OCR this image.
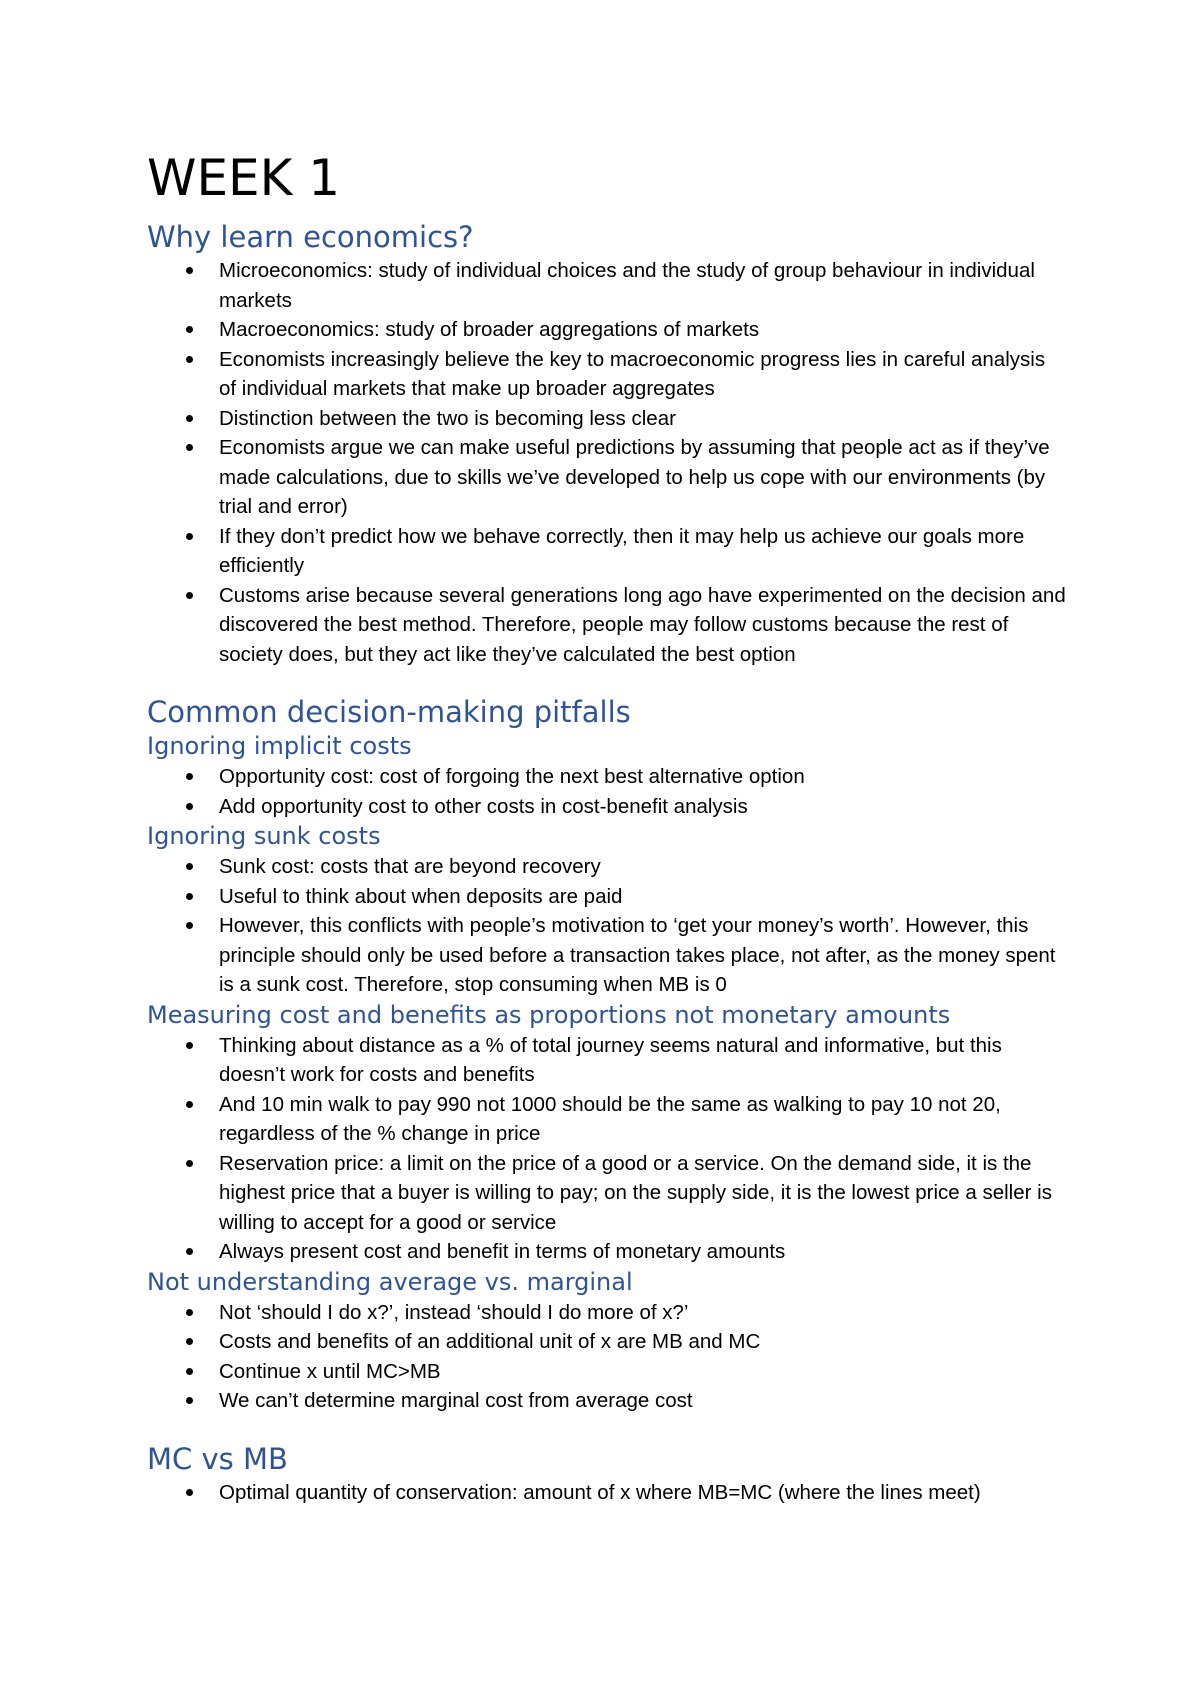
WEEK 1
Why learn economics?
Microeconomics: study of individual choices and the study of group behaviour in individual markets
Macroeconomics: study of broader aggregations of markets
Economists increasingly believe the key to macroeconomic progress lies in careful analysis of individual markets that make up broader aggregates
Distinction between the two is becoming less clear
Economists argue we can make useful predictions by assuming that people act as if they’ve made calculations, due to skills we’ve developed to help us cope with our environments (by trial and error)
If they don’t predict how we behave correctly, then it may help us achieve our goals more efficiently
Customs arise because several generations long ago have experimented on the decision and discovered the best method. Therefore, people may follow customs because the rest of society does, but they act like they’ve calculated the best option
Common decision-making pitfalls
Ignoring implicit costs
Opportunity cost: cost of forgoing the next best alternative option
Add opportunity cost to other costs in cost-benefit analysis
Ignoring sunk costs
Sunk cost: costs that are beyond recovery
Useful to think about when deposits are paid
However, this conflicts with people’s motivation to ‘get your money’s worth’. However, this principle should only be used before a transaction takes place, not after, as the money spent is a sunk cost. Therefore, stop consuming when MB is 0
Measuring cost and benefits as proportions not monetary amounts
Thinking about distance as a % of total journey seems natural and informative, but this doesn’t work for costs and benefits
And 10 min walk to pay 990 not 1000 should be the same as walking to pay 10 not 20, regardless of the % change in price
Reservation price: a limit on the price of a good or a service. On the demand side, it is the highest price that a buyer is willing to pay; on the supply side, it is the lowest price a seller is willing to accept for a good or service
Always present cost and benefit in terms of monetary amounts
Not understanding average vs. marginal
Not ‘should I do x?’, instead ‘should I do more of x?’
Costs and benefits of an additional unit of x are MB and MC
Continue x until MC>MB
We can’t determine marginal cost from average cost
MC vs MB
Optimal quantity of conservation: amount of x where MB=MC (where the lines meet)
